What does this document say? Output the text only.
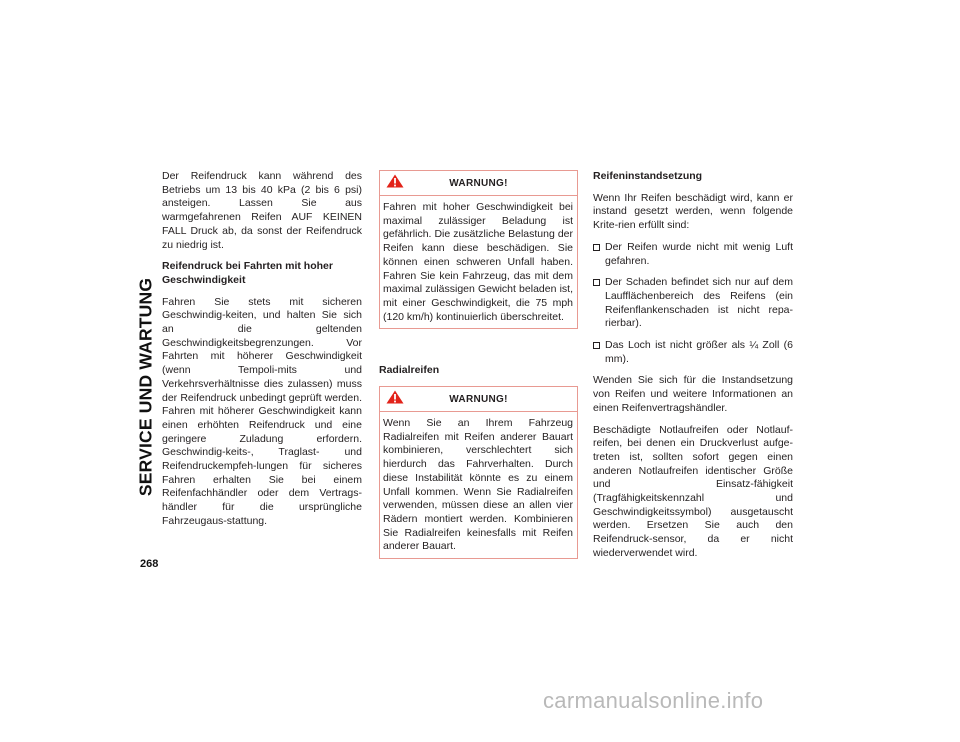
SERVICE UND WARTUNG
268

Der Reifendruck kann während des Betriebs um 13 bis 40 kPa (2 bis 6 psi) ansteigen. Lassen Sie aus warmgefahrenen Reifen AUF KEINEN FALL Druck ab, da sonst der Reifendruck zu niedrig ist.

Reifendruck bei Fahrten mit hoher Geschwindigkeit

Fahren Sie stets mit sicheren Geschwindig-keiten, und halten Sie sich an die geltenden Geschwindigkeitsbegrenzungen. Vor Fahrten mit höherer Geschwindigkeit (wenn Tempoli-mits und Verkehrsverhältnisse dies zulassen) muss der Reifendruck unbedingt geprüft werden. Fahren mit höherer Geschwindigkeit kann einen erhöhten Reifendruck und eine geringere Zuladung erfordern. Geschwindig-keits-, Traglast- und Reifendruckempfeh-lungen für sicheres Fahren erhalten Sie bei einem Reifenfachhändler oder dem Vertrags-händler für die ursprüngliche Fahrzeugaus-stattung.

WARNUNG!
Fahren mit hoher Geschwindigkeit bei maximal zulässiger Beladung ist gefährlich. Die zusätzliche Belastung der Reifen kann diese beschädigen. Sie können einen schweren Unfall haben. Fahren Sie kein Fahrzeug, das mit dem maximal zulässigen Gewicht beladen ist, mit einer Geschwindigkeit, die 75 mph (120 km/h) kontinuierlich überschreitet.
Radialreifen
WARNUNG!
Wenn Sie an Ihrem Fahrzeug Radialreifen mit Reifen anderer Bauart kombinieren, verschlechtert sich hierdurch das Fahrverhalten. Durch diese Instabilität könnte es zu einem Unfall kommen. Wenn Sie Radialreifen verwenden, müssen diese an allen vier Rädern montiert werden. Kombinieren Sie Radialreifen keinesfalls mit Reifen anderer Bauart.
Reifeninstandsetzung

Wenn Ihr Reifen beschädigt wird, kann er instand gesetzt werden, wenn folgende Krite-rien erfüllt sind:

Der Reifen wurde nicht mit wenig Luft gefahren.
Der Schaden befindet sich nur auf dem Laufflächenbereich des Reifens (ein Reifenflankenschaden ist nicht repa-rierbar).
Das Loch ist nicht größer als ¼ Zoll (6 mm).

Wenden Sie sich für die Instandsetzung von Reifen und weitere Informationen an einen Reifenvertragshändler.

Beschädigte Notlaufreifen oder Notlauf-reifen, bei denen ein Druckverlust aufge-treten ist, sollten sofort gegen einen anderen Notlaufreifen identischer Größe und Einsatz-fähigkeit (Tragfähigkeitskennzahl und Geschwindigkeitssymbol) ausgetauscht werden. Ersetzen Sie auch den Reifendruck-sensor, da er nicht wiederverwendet wird.

carmanualsonline.info
